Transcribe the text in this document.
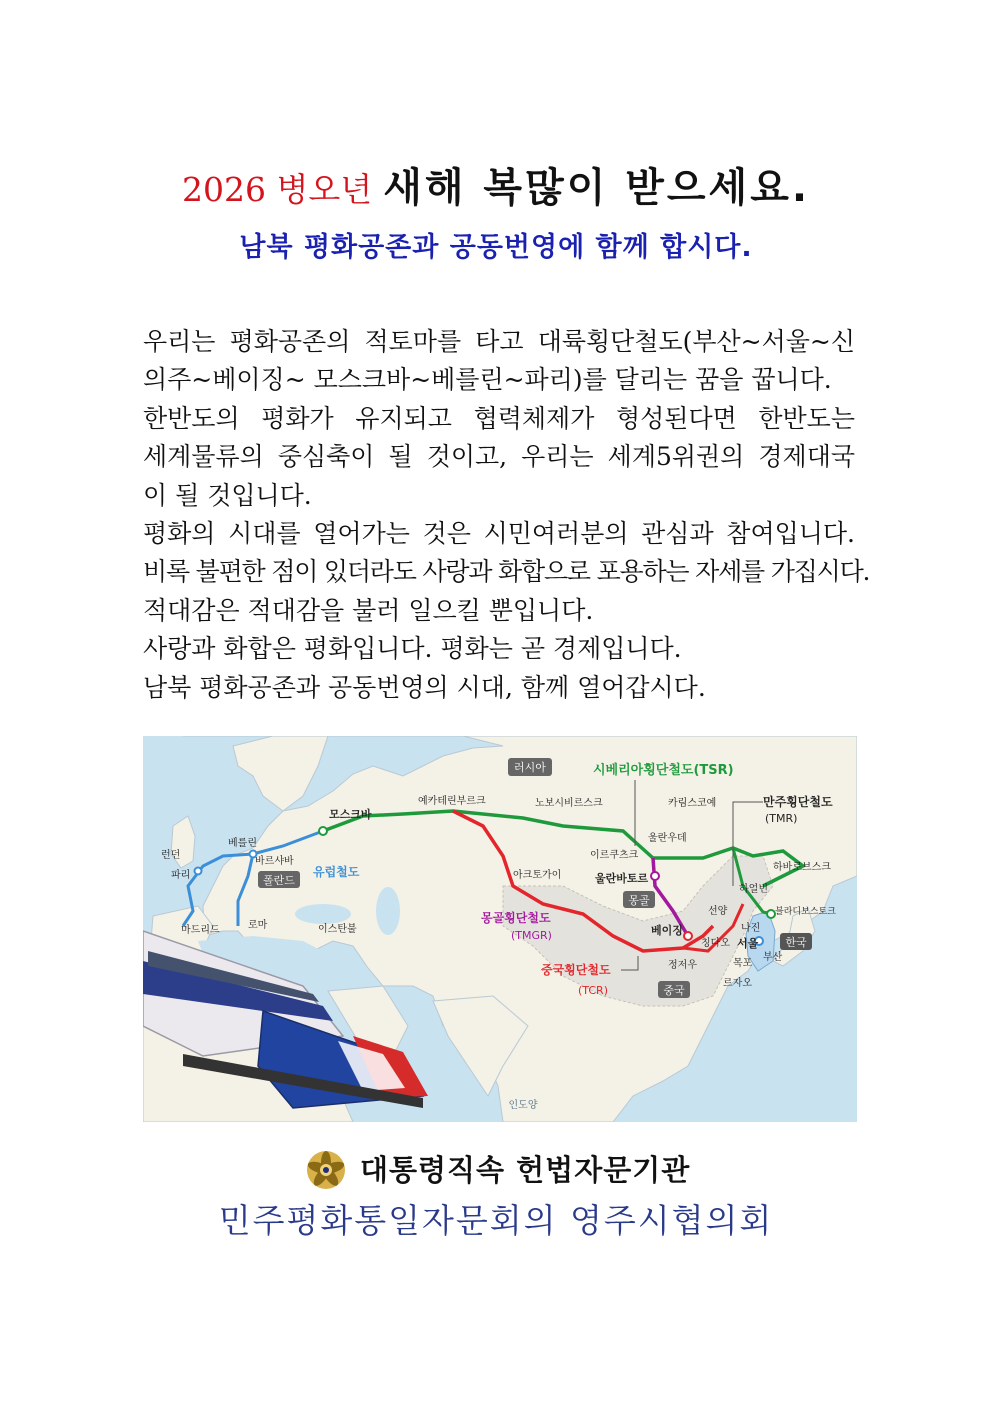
2026 병오년 새해 복많이 받으세요.
남북 평화공존과 공동번영에 함께 합시다.
우리는 평화공존의 적토마를 타고 대륙횡단철도(부산~서울~신
의주~베이징~ 모스크바~베를린~파리)를 달리는 꿈을 꿉니다.
한반도의 평화가 유지되고 협력체제가 형성된다면 한반도는
세계물류의 중심축이 될 것이고, 우리는 세계5위권의 경제대국
이 될 것입니다.
평화의 시대를 열어가는 것은 시민여러분의 관심과 참여입니다.
비록 불편한 점이 있더라도 사랑과 화합으로 포용하는 자세를 가집시다.
적대감은 적대감을 불러 일으킬 뿐입니다.
사랑과 화합은 평화입니다. 평화는 곧 경제입니다.
남북 평화공존과 공동번영의 시대, 함께 열어갑시다.
러시아
몽골
중국
한국
폴란드
인도양
시베리아횡단철도(TSR)
만주횡단철도
(TMR)
몽골횡단철도
(TMGR)
중국횡단철도
(TCR)
유럽철도
모스크바
예카테린부르크	노보시비르스크	카림스코예
울란우데
이르쿠츠크
울란바토르
아크토가이
베를린
바르샤바
런던
파리
로마
마드리드	이스탄불	베이징
하바로브스크
하얼빈
블라디보스토크
선양
나진
칭다오 서울
정저우	목포
부산
르자오
대통령직속 헌법자문기관
민주평화통일자문회의 영주시협의회
